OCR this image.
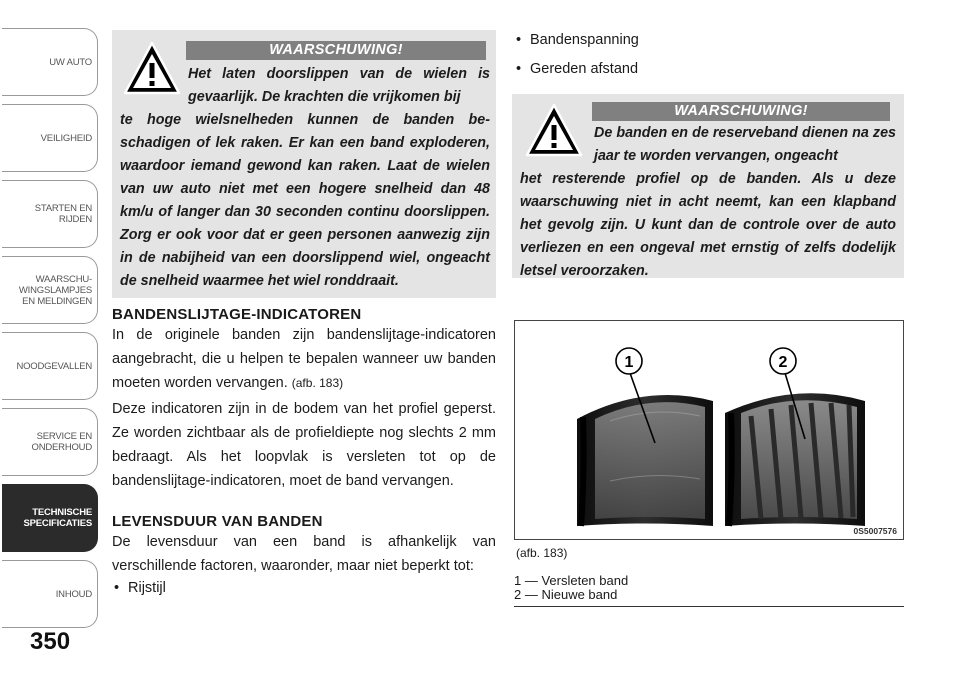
UW AUTO
VEILIGHEID
STARTEN EN
RIJDEN
WAARSCHU-
WINGSLAMPJES
EN MELDINGEN
NOODGEVALLEN
SERVICE EN
ONDERHOUD
TECHNISCHE
SPECIFICATIES
INHOUD
350
WAARSCHUWING!
Het laten doorslippen van de wielen is gevaarlijk. De krachten die vrijkomen bij
te hoge wielsnelheden kunnen de banden beschadigen of lek raken. Er kan een band exploderen, waardoor iemand gewond kan raken. Laat de wielen van uw auto niet met een hogere snelheid dan 48 km/u of langer dan 30 seconden continu doorslippen. Zorg er ook voor dat er geen personen aanwezig zijn in de nabijheid van een doorslippend wiel, ongeacht de snelheid waarmee het wiel ronddraait.
BANDENSLIJTAGE-INDICATOREN
In de originele banden zijn bandenslijtage-indicatoren aangebracht, die u helpen te bepalen wanneer uw banden moeten worden vervangen. (afb. 183)
Deze indicatoren zijn in de bodem van het profiel geperst. Ze worden zichtbaar als de profieldiepte nog slechts 2 mm bedraagt. Als het loopvlak is versleten tot op de bandenslijtage-indicatoren, moet de band vervangen.
LEVENSDUUR VAN BANDEN
De levensduur van een band is afhankelijk van verschillende factoren, waaronder, maar niet beperkt tot:
• Rijstijl
• Bandenspanning
• Gereden afstand
WAARSCHUWING!
De banden en de reserveband dienen na zes jaar te worden vervangen, ongeacht
het resterende profiel op de banden. Als u deze waarschuwing niet in acht neemt, kan een klapband het gevolg zijn. U kunt dan de controle over de auto verliezen en een ongeval met ernstig of zelfs dodelijk letsel veroorzaken.
1	2
0S5007576
(afb. 183)
1 — Versleten band
2 — Nieuwe band
